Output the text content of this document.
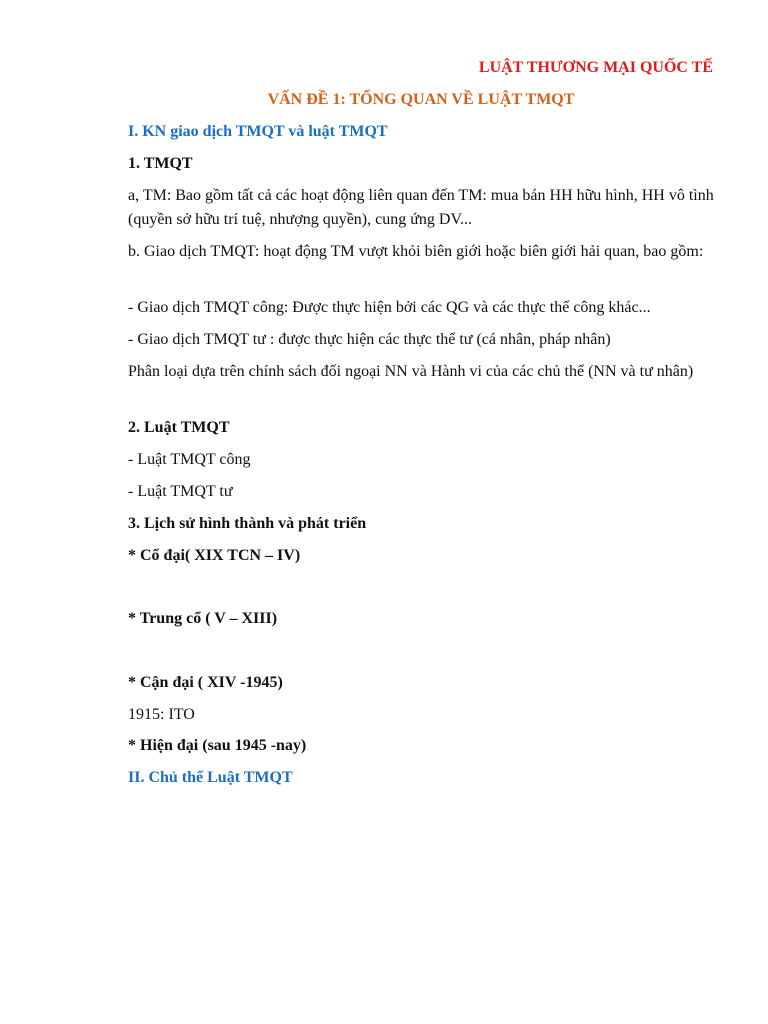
LUẬT THƯƠNG MẠI QUỐC TẾ

VẤN ĐỀ 1: TỔNG QUAN VỀ LUẬT TMQT

I. KN giao dịch TMQT và luật TMQT

1. TMQT

a, TM: Bao gồm tất cả các hoạt động liên quan đến TM: mua bán HH hữu hình, HH vô tình (quyền sở hữu trí tuệ, nhượng quyền), cung ứng DV...

b. Giao dịch TMQT: hoạt động TM vượt khỏi biên giới hoặc biên giới hải quan, bao gồm:

- Giao dịch TMQT công: Được thực hiện bởi các QG và các thực thể công khác...

- Giao dịch TMQT tư : được thực hiện các thực thể tư (cá nhân, pháp nhân)

Phân loại dựa trên chính sách đối ngoại NN và Hành vi của các chủ thể (NN và tư nhân)

2. Luật TMQT

- Luật TMQT công

- Luật TMQT tư

3. Lịch sử hình thành và phát triển

* Cổ đại( XIX TCN – IV)

* Trung cổ ( V – XIII)

* Cận đại ( XIV -1945)

1915: ITO

* Hiện đại (sau 1945 -nay)

II. Chủ thể Luật TMQT
